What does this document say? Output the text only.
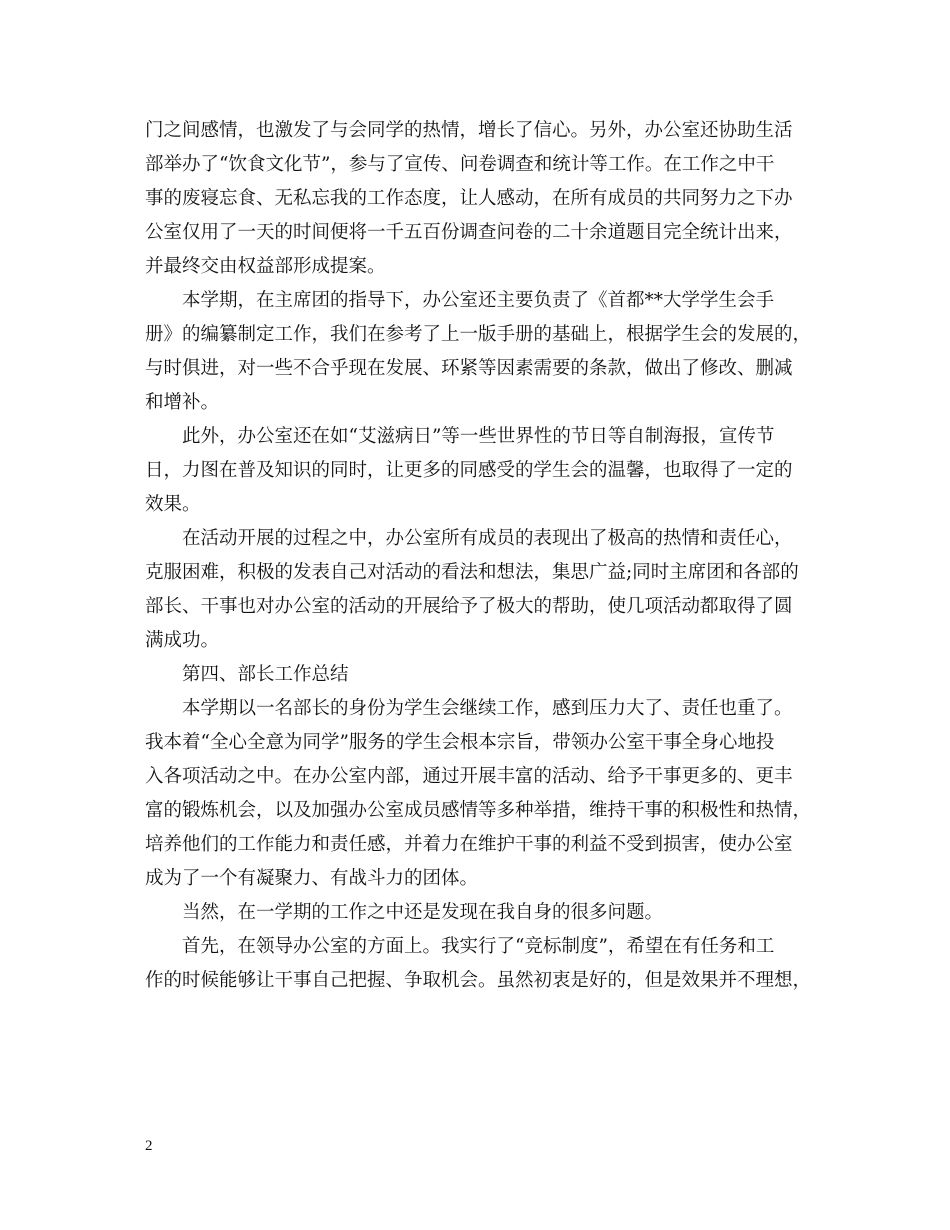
门之间感情，也激发了与会同学的热情，增长了信心。另外，办公室还协助生活
部举办了“饮食文化节”，参与了宣传、问卷调查和统计等工作。在工作之中干
事的废寝忘食、无私忘我的工作态度，让人感动，在所有成员的共同努力之下办
公室仅用了一天的时间便将一千五百份调查问卷的二十余道题目完全统计出来，
并最终交由权益部形成提案。

本学期，在主席团的指导下，办公室还主要负责了《首都**大学学生会手
册》的编纂制定工作，我们在参考了上一版手册的基础上，根据学生会的发展的，
与时俱进，对一些不合乎现在发展、环紧等因素需要的条款，做出了修改、删减
和增补。

此外，办公室还在如“艾滋病日”等一些世界性的节日等自制海报，宣传节
日，力图在普及知识的同时，让更多的同感受的学生会的温馨，也取得了一定的
效果。

在活动开展的过程之中，办公室所有成员的表现出了极高的热情和责任心，
克服困难，积极的发表自己对活动的看法和想法，集思广益;同时主席团和各部的
部长、干事也对办公室的活动的开展给予了极大的帮助，使几项活动都取得了圆
满成功。

第四、部长工作总结

本学期以一名部长的身份为学生会继续工作，感到压力大了、责任也重了。
我本着“全心全意为同学”服务的学生会根本宗旨，带领办公室干事全身心地投
入各项活动之中。在办公室内部，通过开展丰富的活动、给予干事更多的、更丰
富的锻炼机会，以及加强办公室成员感情等多种举措，维持干事的积极性和热情，
培养他们的工作能力和责任感，并着力在维护干事的利益不受到损害，使办公室
成为了一个有凝聚力、有战斗力的团体。

当然，在一学期的工作之中还是发现在我自身的很多问题。

首先，在领导办公室的方面上。我实行了“竞标制度”，希望在有任务和工
作的时候能够让干事自己把握、争取机会。虽然初衷是好的，但是效果并不理想，

2
